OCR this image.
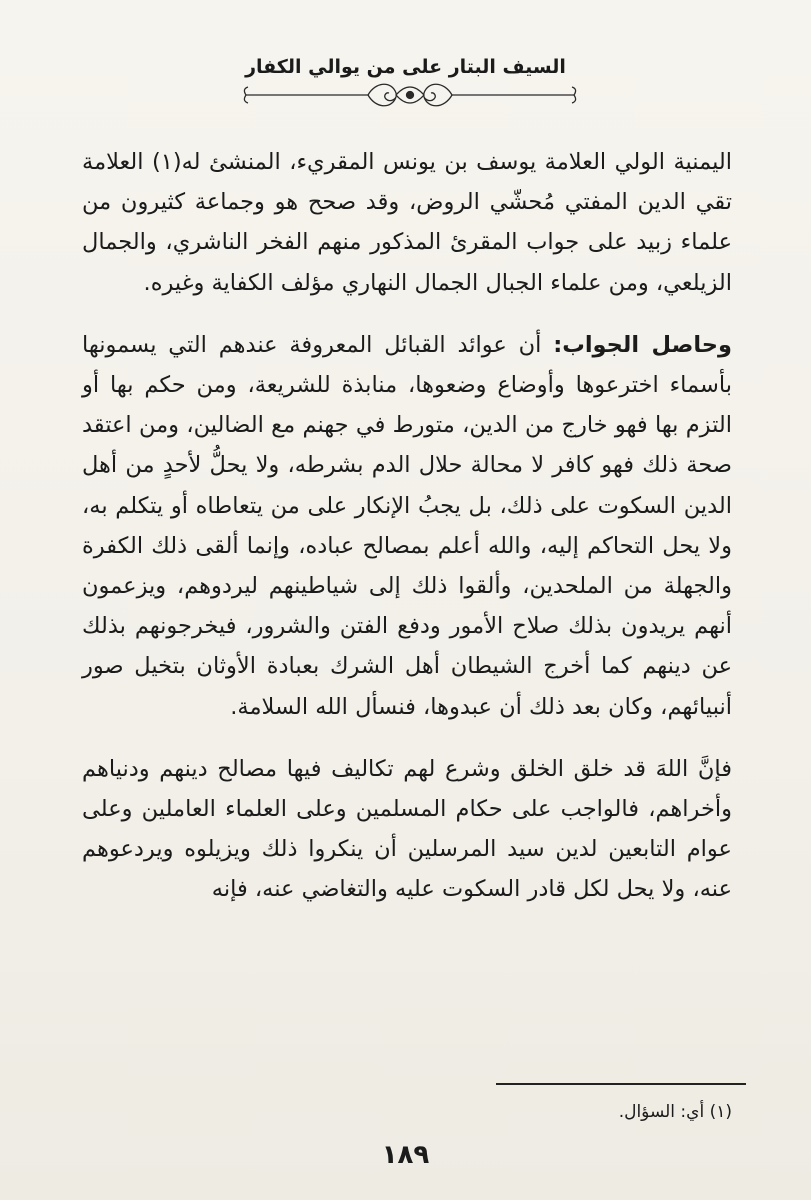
السيف البتار على من يوالي الكفار

اليمنية الولي العلامة يوسف بن يونس المقريء، المنشئ له(١) العلامة تقي الدين المفتي مُحشّي الروض، وقد صحح هو وجماعة كثيرون من علماء زبيد على جواب المقرئ المذكور منهم الفخر الناشري، والجمال الزيلعي، ومن علماء الجبال الجمال النهاري مؤلف الكفاية وغيره.

وحاصل الجواب: أن عوائد القبائل المعروفة عندهم التي يسمونها بأسماء اخترعوها وأوضاع وضعوها، منابذة للشريعة، ومن حكم بها أو التزم بها فهو خارج من الدين، متورط في جهنم مع الضالين، ومن اعتقد صحة ذلك فهو كافر لا محالة حلال الدم بشرطه، ولا يحلُّ لأحدٍ من أهل الدين السكوت على ذلك، بل يجبُ الإنكار على من يتعاطاه أو يتكلم به، ولا يحل التحاكم إليه، والله أعلم بمصالح عباده، وإنما ألقى ذلك الكفرة والجهلة من الملحدين، وألقوا ذلك إلى شياطينهم ليردوهم، ويزعمون أنهم يريدون بذلك صلاح الأمور ودفع الفتن والشرور، فيخرجونهم بذلك عن دينهم كما أخرج الشيطان أهل الشرك بعبادة الأوثان بتخيل صور أنبيائهم، وكان بعد ذلك أن عبدوها، فنسأل الله السلامة.

فإنَّ اللهَ قد خلق الخلق وشرع لهم تكاليف فيها مصالح دينهم ودنياهم وأخراهم، فالواجب على حكام المسلمين وعلى العلماء العاملين وعلى عوام التابعين لدين سيد المرسلين أن ينكروا ذلك ويزيلوه ويردعوهم عنه، ولا يحل لكل قادر السكوت عليه والتغاضي عنه، فإنه

(١) أي: السؤال.
١٨٩
